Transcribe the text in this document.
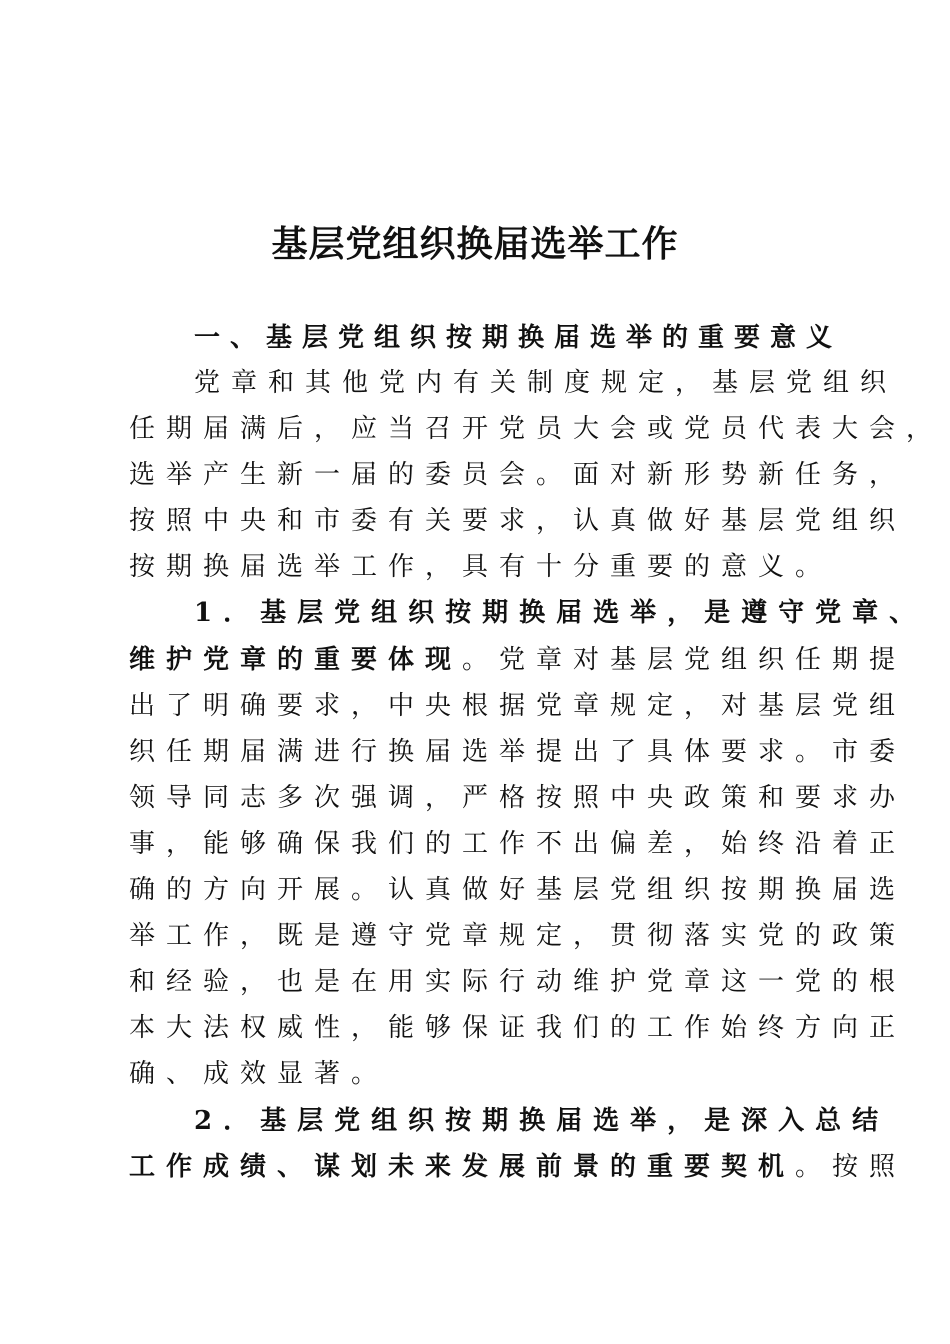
基层党组织换届选举工作
一、基层党组织按期换届选举的重要意义
党章和其他党内有关制度规定，基层党组织
任期届满后，应当召开党员大会或党员代表大会，
选举产生新一届的委员会。面对新形势新任务，
按照中央和市委有关要求，认真做好基层党组织
按期换届选举工作，具有十分重要的意义。
1．基层党组织按期换届选举，是遵守党章、
维护党章的重要体现。党章对基层党组织任期提
出了明确要求，中央根据党章规定，对基层党组
织任期届满进行换届选举提出了具体要求。市委
领导同志多次强调，严格按照中央政策和要求办
事，能够确保我们的工作不出偏差，始终沿着正
确的方向开展。认真做好基层党组织按期换届选
举工作，既是遵守党章规定，贯彻落实党的政策
和经验，也是在用实际行动维护党章这一党的根
本大法权威性，能够保证我们的工作始终方向正
确、成效显著。
2．基层党组织按期换届选举，是深入总结
工作成绩、谋划未来发展前景的重要契机。按照
